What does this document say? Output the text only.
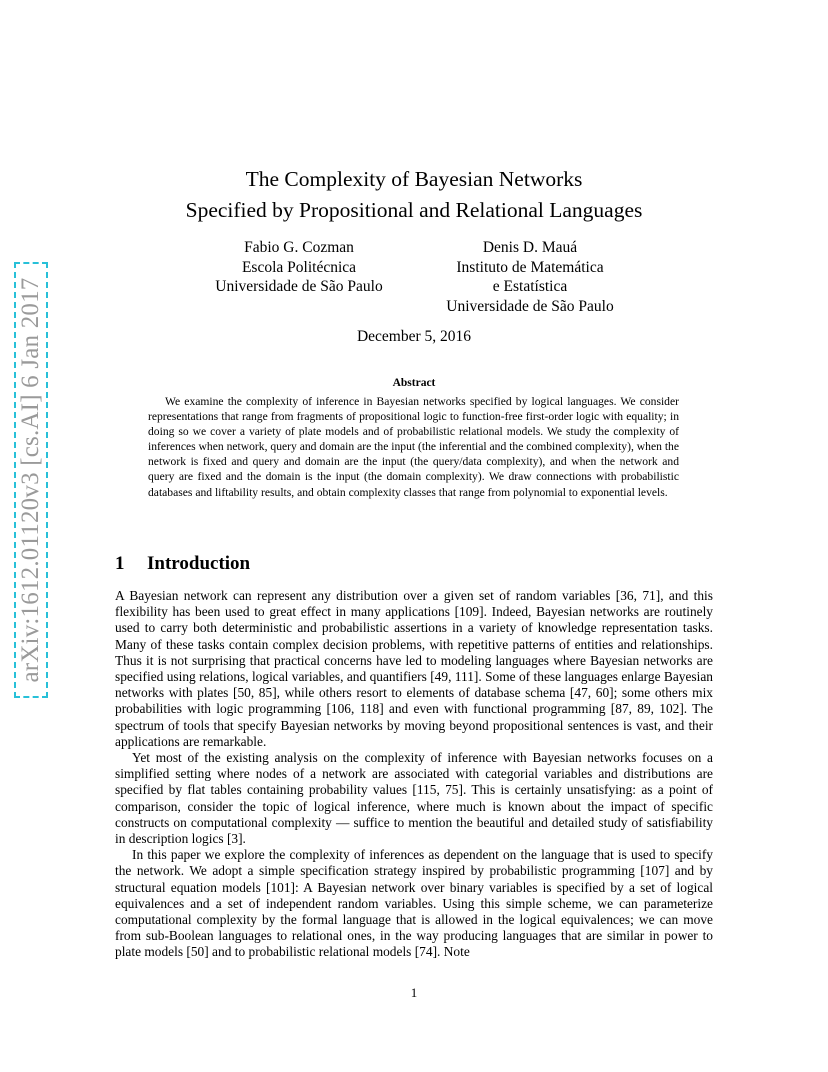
arXiv:1612.01120v3 [cs.AI] 6 Jan 2017
The Complexity of Bayesian Networks
Specified by Propositional and Relational Languages
Fabio G. Cozman
Escola Politécnica
Universidade de São Paulo
Denis D. Mauá
Instituto de Matemática
e Estatística
Universidade de São Paulo
December 5, 2016
Abstract
We examine the complexity of inference in Bayesian networks specified by logical languages. We consider representations that range from fragments of propositional logic to function-free first-order logic with equality; in doing so we cover a variety of plate models and of probabilistic relational models. We study the complexity of inferences when network, query and domain are the input (the inferential and the combined complexity), when the network is fixed and query and domain are the input (the query/data complexity), and when the network and query are fixed and the domain is the input (the domain complexity). We draw connections with probabilistic databases and liftability results, and obtain complexity classes that range from polynomial to exponential levels.
1 Introduction

A Bayesian network can represent any distribution over a given set of random variables [36, 71], and this flexibility has been used to great effect in many applications [109]. Indeed, Bayesian networks are routinely used to carry both deterministic and probabilistic assertions in a variety of knowledge representation tasks. Many of these tasks contain complex decision problems, with repetitive patterns of entities and relationships. Thus it is not surprising that practical concerns have led to modeling languages where Bayesian networks are specified using relations, logical variables, and quantifiers [49, 111]. Some of these languages enlarge Bayesian networks with plates [50, 85], while others resort to elements of database schema [47, 60]; some others mix probabilities with logic programming [106, 118] and even with functional programming [87, 89, 102]. The spectrum of tools that specify Bayesian networks by moving beyond propositional sentences is vast, and their applications are remarkable.

Yet most of the existing analysis on the complexity of inference with Bayesian networks focuses on a simplified setting where nodes of a network are associated with categorial variables and distributions are specified by flat tables containing probability values [115, 75]. This is certainly unsatisfying: as a point of comparison, consider the topic of logical inference, where much is known about the impact of specific constructs on computational complexity — suffice to mention the beautiful and detailed study of satisfiability in description logics [3].

In this paper we explore the complexity of inferences as dependent on the language that is used to specify the network. We adopt a simple specification strategy inspired by probabilistic programming [107] and by structural equation models [101]: A Bayesian network over binary variables is specified by a set of logical equivalences and a set of independent random variables. Using this simple scheme, we can parameterize computational complexity by the formal language that is allowed in the logical equivalences; we can move from sub-Boolean languages to relational ones, in the way producing languages that are similar in power to plate models [50] and to probabilistic relational models [74]. Note

1
